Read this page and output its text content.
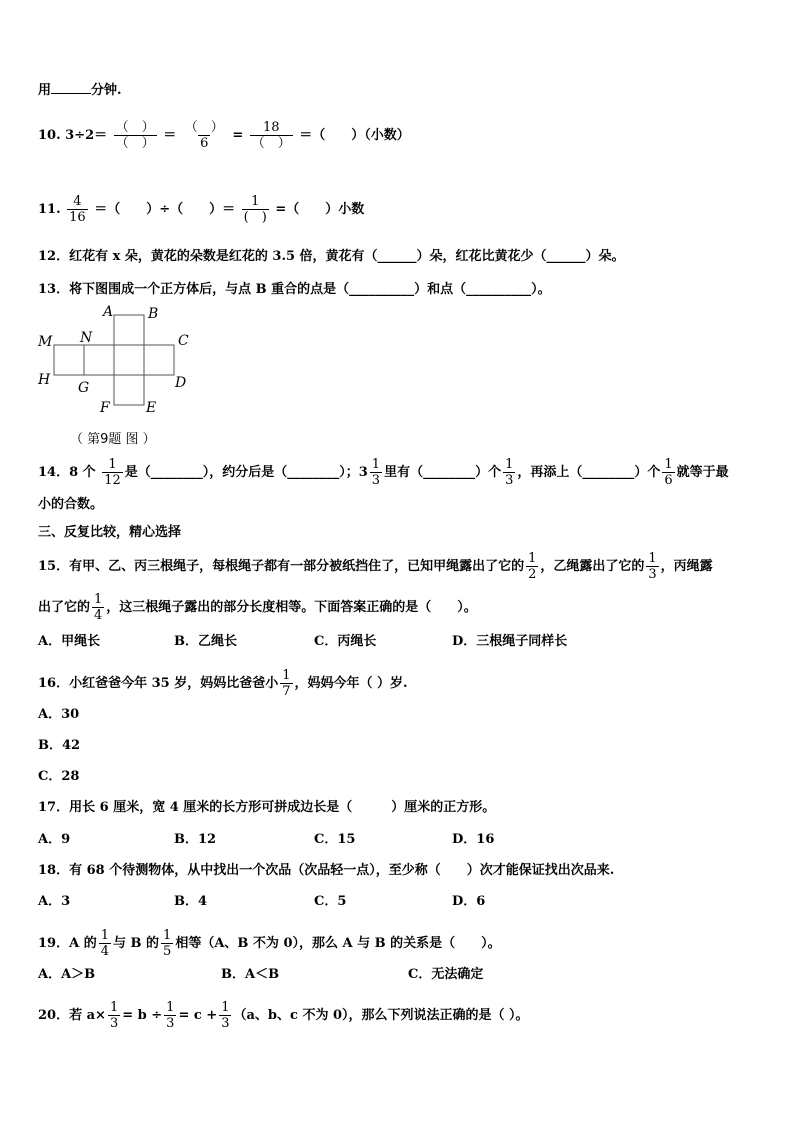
用	分钟.
10. 3÷2＝
（　）
（　）
＝
（　）
6
=
18
（　）
＝（　　）（小数）
11. $\frac{4}{16}$ ＝（　　）÷（　　）＝
1
(　)
=（　　）小数
12．红花有 x 朵，黄花的朵数是红花的 3.5 倍，黄花有（______）朵，红花比黄花少（______）朵。
13．将下图围成一个正方体后，与点 B 重合的点是（__________）和点（__________）。
A B
M N	C
H G	D
F	E
（ 第9题 图 ）
14．8 个 $\frac{1}{12}$ 是（________），约分后是（________）；$3 \frac{1}{3}$ 里有（________）个 $\frac{1}{3}$ ，再添上（________）个 $\frac{1}{6}$ 就等于最
小的合数。
三、反复比较，精心选择
15．有甲、乙、丙三根绳子，每根绳子都有一部分被纸挡住了，已知甲绳露出了它的 $\frac{1}{2}$ ，乙绳露出了它的 $\frac{1}{3}$ ，丙绳露
出了它的 $\frac{1}{4}$ ，这三根绳子露出的部分长度相等。下面答案正确的是（　　）。
A．甲绳长	B．乙绳长	C．丙绳长	D．三根绳子同样长
16．小红爸爸今年 35 岁，妈妈比爸爸小 $\frac{1}{7}$ ，妈妈今年（ ）岁.
A．30
B．42
C．28
17．用长 6 厘米，宽 4 厘米的长方形可拼成边长是（　　　）厘米的正方形。
A．9	B．12	C．15	D．16
18．有 68 个待测物体，从中找出一个次品（次品轻一点），至少称（　　）次才能保证找出次品来.
A．3	B．4	C．5	D．6
19．A 的 $\frac{1}{4}$ 与 B 的 $\frac{1}{5}$ 相等（A、B 不为 0），那么 A 与 B 的关系是（　　）。
A．A＞B	B．A＜B	C．无法确定
20．若 $a\times \frac{1}{3} = b \div \frac{1}{3} = c + \frac{1}{3} (a$、b、c 不为 0），那么下列说法正确的是（ ）。
